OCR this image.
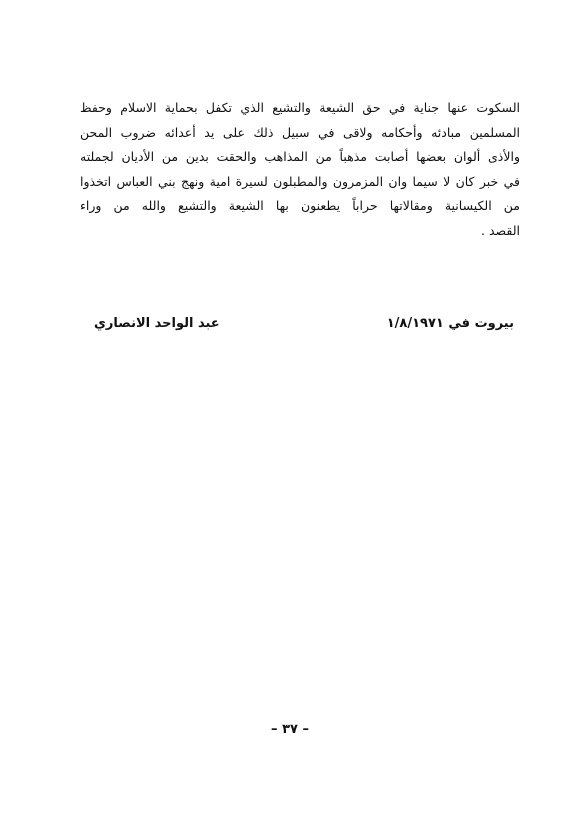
السكوت عنها جناية في حق الشيعة والتشيع الذي تكفل بحماية الاسلام وحفظ
المسلمين مبادئه وأحكامه ولاقى في سبيل ذلك على يد أعدائه ضروب المحن
والأذى ألوان بعضها أصابت مذهباً من المذاهب والحقت بدين من الأديان لجملته
في خبر كان لا سيما وان المزمرون والمطبلون لسيرة امية ونهج بني العباس اتخذوا
من الكيسانية ومقالاتها حراباً يطعنون بها الشيعة والتشيع والله من وراء
القصد .
بيروت في ١/٨/١٩٧١
عبد الواحد الانصاري
– ٣٧ –
